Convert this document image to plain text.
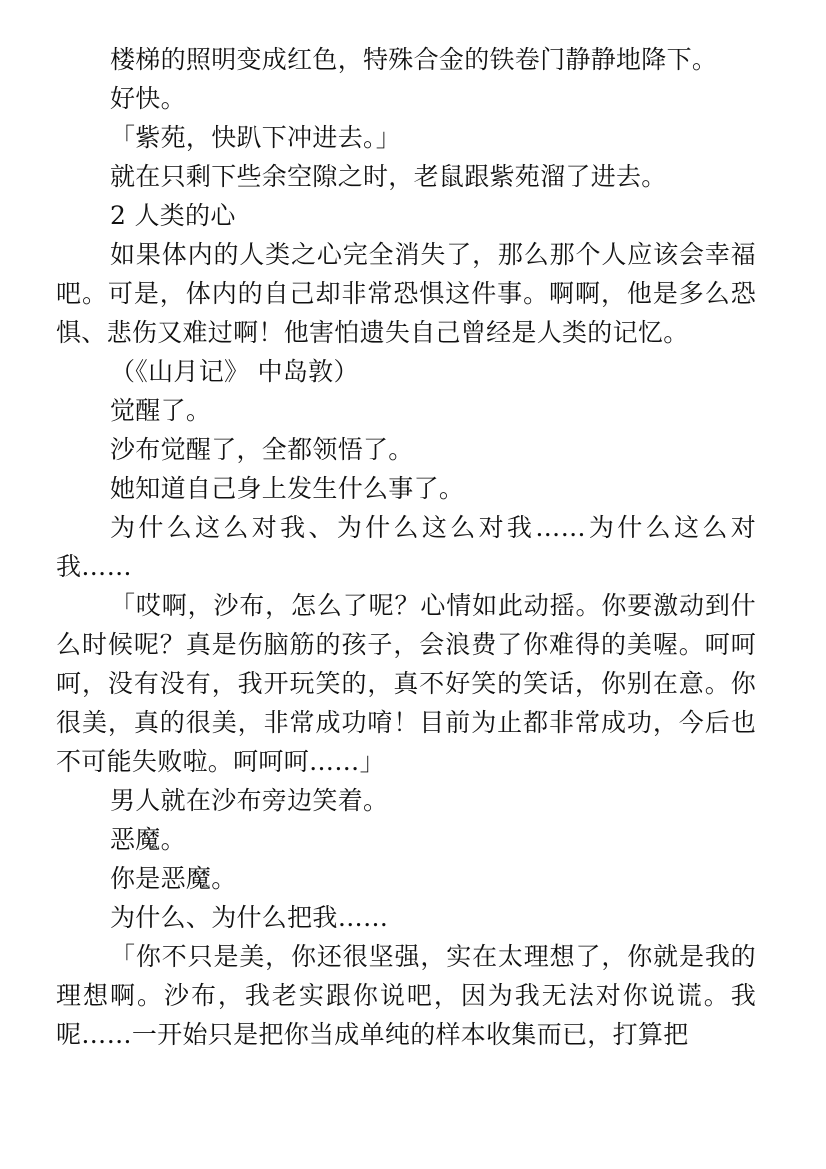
楼梯的照明变成红色，特殊合金的铁卷门静静地降下。

好快。

「紫苑，快趴下冲进去。」

就在只剩下些余空隙之时，老鼠跟紫苑溜了进去。

2 人类的心

如果体内的人类之心完全消失了，那么那个人应该会幸福吧。可是，体内的自己却非常恐惧这件事。啊啊，他是多么恐惧、悲伤又难过啊！他害怕遗失自己曾经是人类的记忆。

（《山月记》 中岛敦）

觉醒了。

沙布觉醒了，全都领悟了。

她知道自己身上发生什么事了。

为什么这么对我、为什么这么对我……为什么这么对我……

「哎啊，沙布，怎么了呢？心情如此动摇。你要激动到什么时候呢？真是伤脑筋的孩子，会浪费了你难得的美喔。呵呵呵，没有没有，我开玩笑的，真不好笑的笑话，你别在意。你很美，真的很美，非常成功唷！目前为止都非常成功，今后也不可能失败啦。呵呵呵……」

男人就在沙布旁边笑着。

恶魔。

你是恶魔。

为什么、为什么把我……

「你不只是美，你还很坚强，实在太理想了，你就是我的理想啊。沙布，我老实跟你说吧，因为我无法对你说谎。我呢……一开始只是把你当成单纯的样本收集而已，打算把
